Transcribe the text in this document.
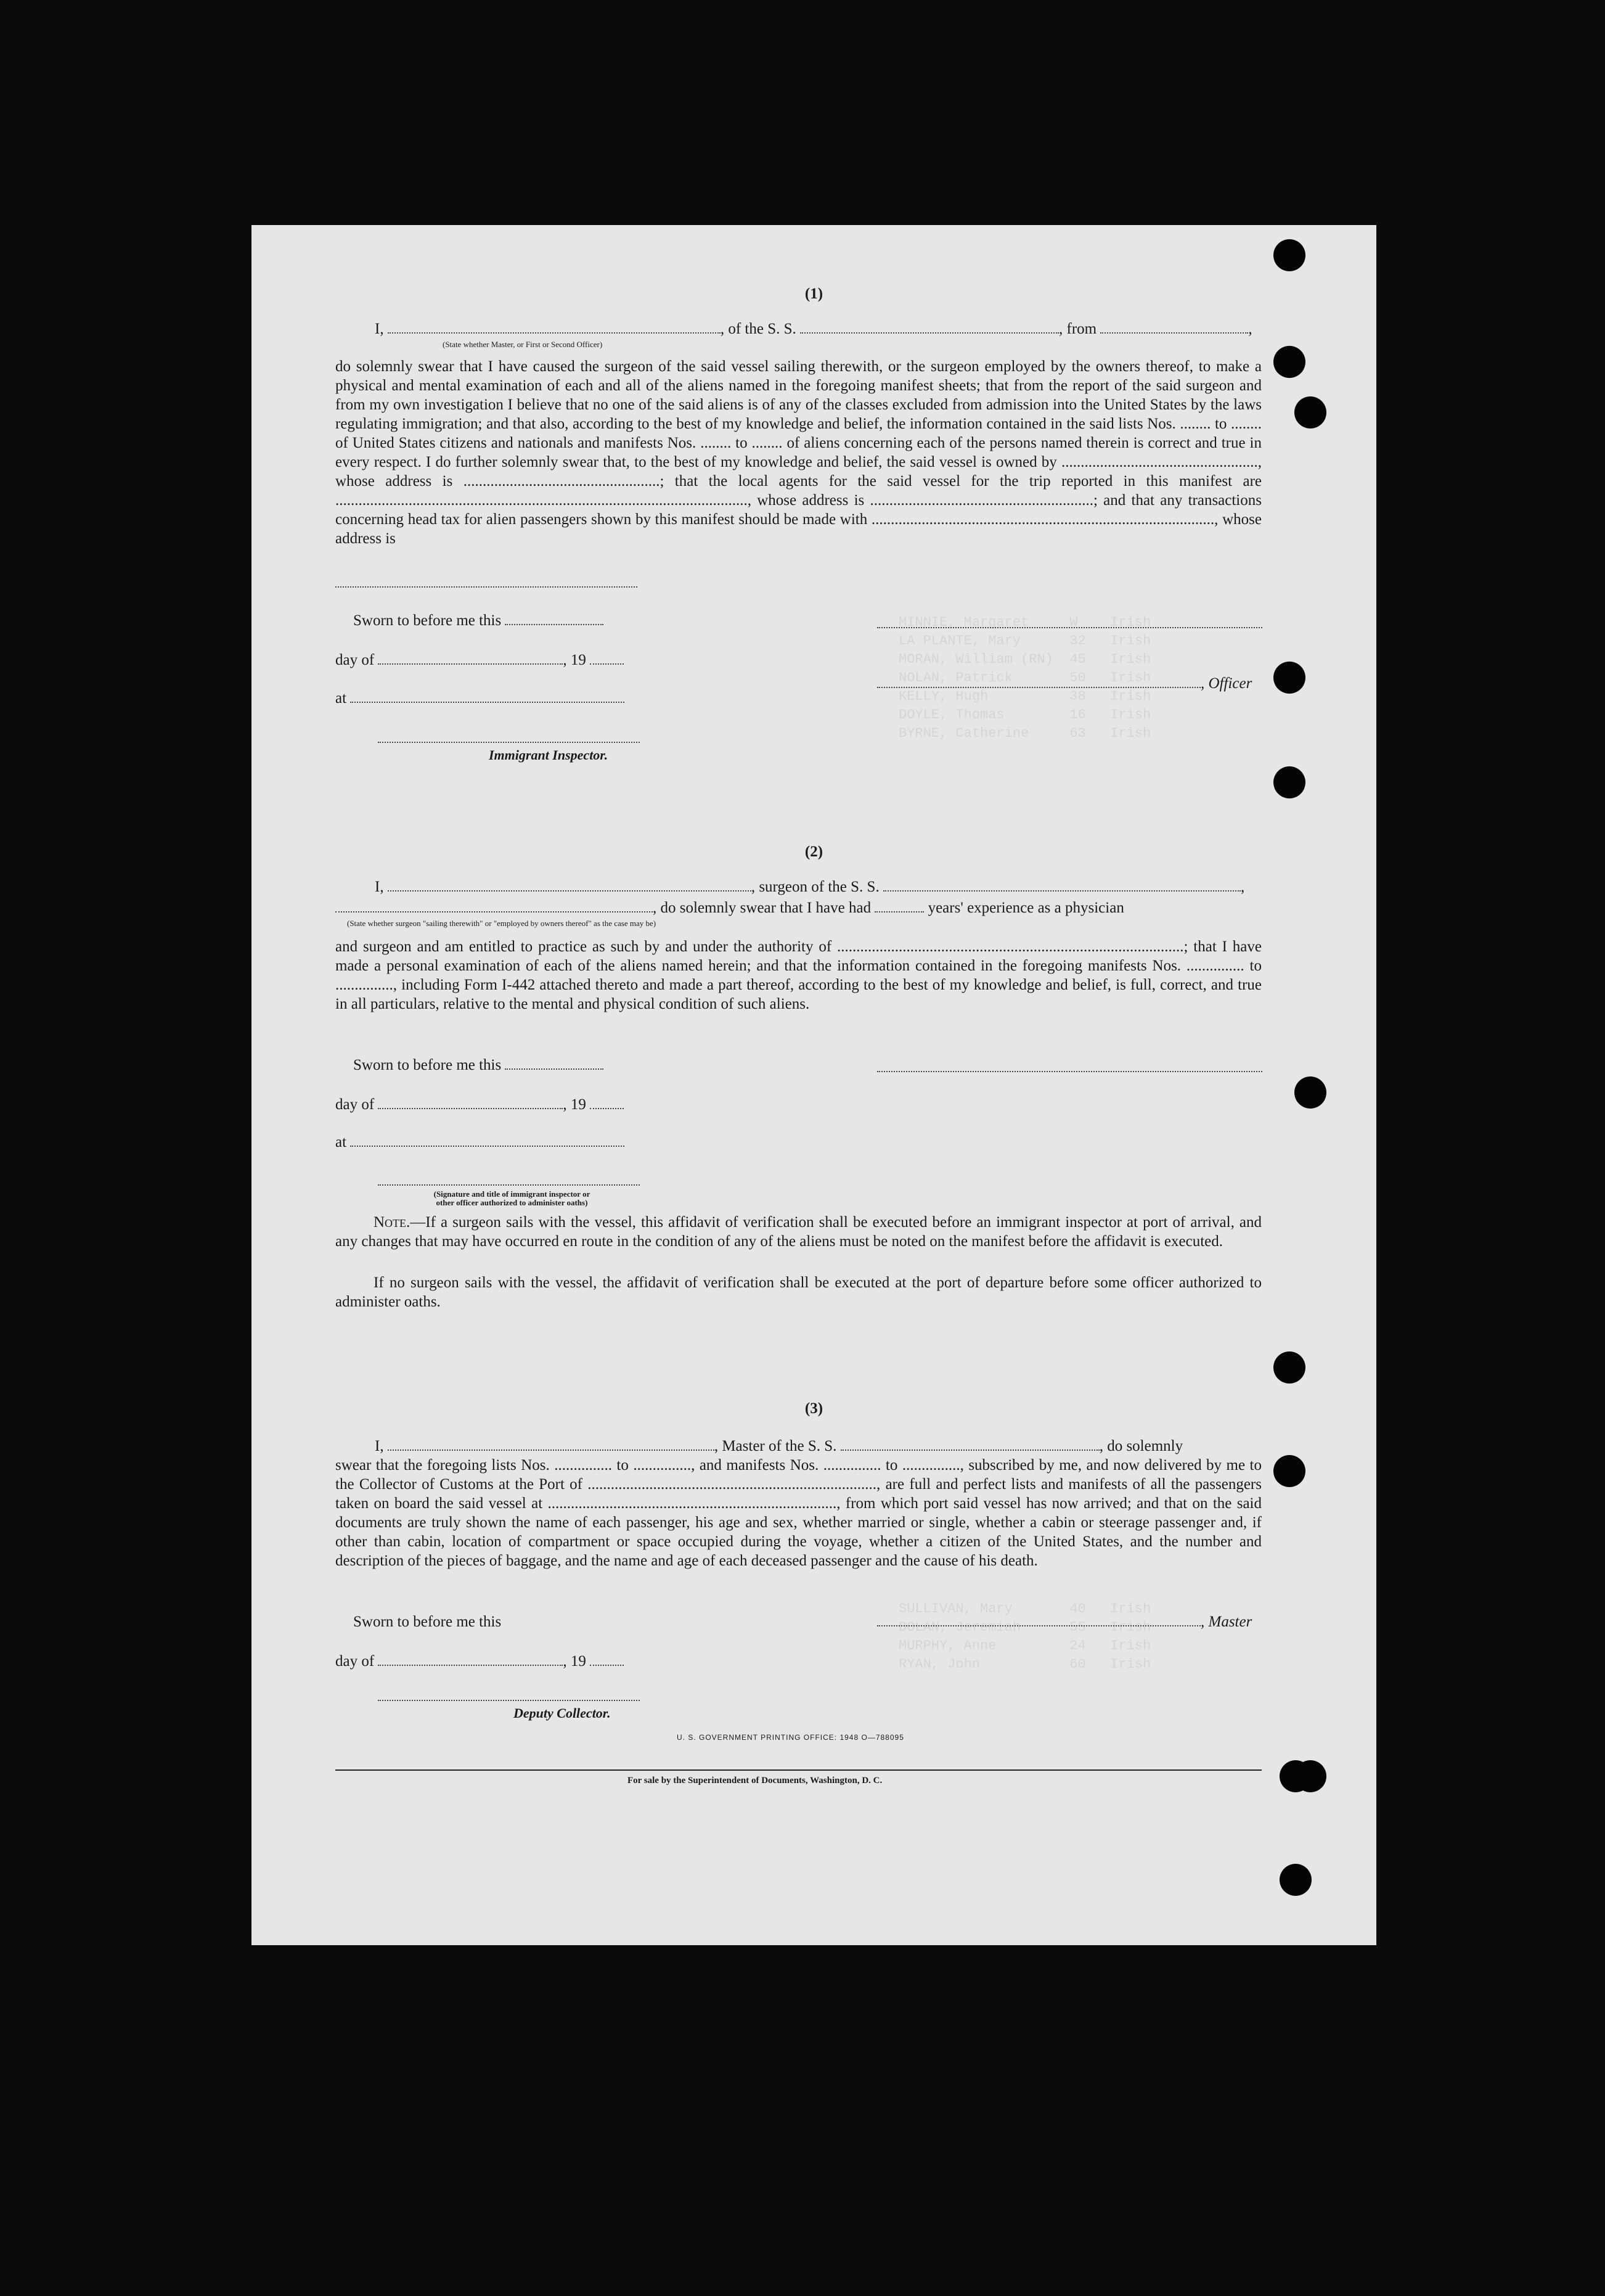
MINNIE, Margaret     W    Irish
LA PLANTE, Mary      32   Irish
MORAN, William (RN)  45   Irish
NOLAN, Patrick       50   Irish
KELLY, Hugh          38   Irish
DOYLE, Thomas        16   Irish
BYRNE, Catherine     63   Irish

SULLIVAN, Mary       40   Irish
DOLAN, Jeremiah      55   Irish
MURPHY, Anne         24   Irish
RYAN, John           60   Irish
(1)
I,	, of the S. S.	, from	,
(State whether Master, or First or Second Officer)

do solemnly swear that I have caused the surgeon of the said vessel sailing therewith, or the surgeon employed by the owners thereof, to make a physical and mental examination of each and all of the aliens named in the foregoing manifest sheets; that from the report of the said surgeon and from my own investigation I believe that no one of the said aliens is of any of the classes excluded from admission into the United States by the laws regulating immigration; and that also, according to the best of my knowledge and belief, the information contained in the said lists Nos. ........ to ........ of United States citizens and nationals and manifests Nos. ........ to ........ of aliens concerning each of the persons named therein is correct and true in every respect. I do further solemnly swear that, to the best of my knowledge and belief, the said vessel is owned by ..................................................., whose address is ...................................................; that the local agents for the said vessel for the trip reported in this manifest are ..........................................................................................................., whose address is ..........................................................; and that any transactions concerning head tax for alien passengers shown by this manifest should be made with ........................................................................................., whose address is

Sworn to before me this
day of	, 19
, Officer
at
Immigrant Inspector.
(2)
I,	, surgeon of the S. S.	,
, do solemnly swear that I have had	years' experience as a physician
(State whether surgeon "sailing therewith" or "employed by owners thereof" as the case may be)

and surgeon and am entitled to practice as such by and under the authority of ..........................................................................................; that I have made a personal examination of each of the aliens named herein; and that the information contained in the foregoing manifests Nos. ............... to ..............., including Form I-442 attached thereto and made a part thereof, according to the best of my knowledge and belief, is full, correct, and true in all particulars, relative to the mental and physical condition of such aliens.

Sworn to before me this
day of	, 19
at
(Signature and title of immigrant inspector or
other officer authorized to administer oaths)

Note.—If a surgeon sails with the vessel, this affidavit of verification shall be executed before an immigrant inspector at port of arrival, and any changes that may have occurred en route in the condition of any of the aliens must be noted on the manifest before the affidavit is executed.

If no surgeon sails with the vessel, the affidavit of verification shall be executed at the port of departure before some officer authorized to administer oaths.

(3)
I,	, Master of the S. S.	, do solemnly

swear that the foregoing lists Nos. ............... to ..............., and manifests Nos. ............... to ..............., subscribed by me, and now delivered by me to the Collector of Customs at the Port of ..........................................................................., are full and perfect lists and manifests of all the passengers taken on board the said vessel at ..........................................................................., from which port said vessel has now arrived; and that on the said documents are truly shown the name of each passenger, his age and sex, whether married or single, whether a cabin or steerage passenger and, if other than cabin, location of compartment or space occupied during the voyage, whether a citizen of the United States, and the number and description of the pieces of baggage, and the name and age of each deceased passenger and the cause of his death.

Sworn to before me this	, Master
day of	, 19
Deputy Collector.
U. S. GOVERNMENT PRINTING OFFICE: 1948 O—788095
For sale by the Superintendent of Documents, Washington, D. C.
